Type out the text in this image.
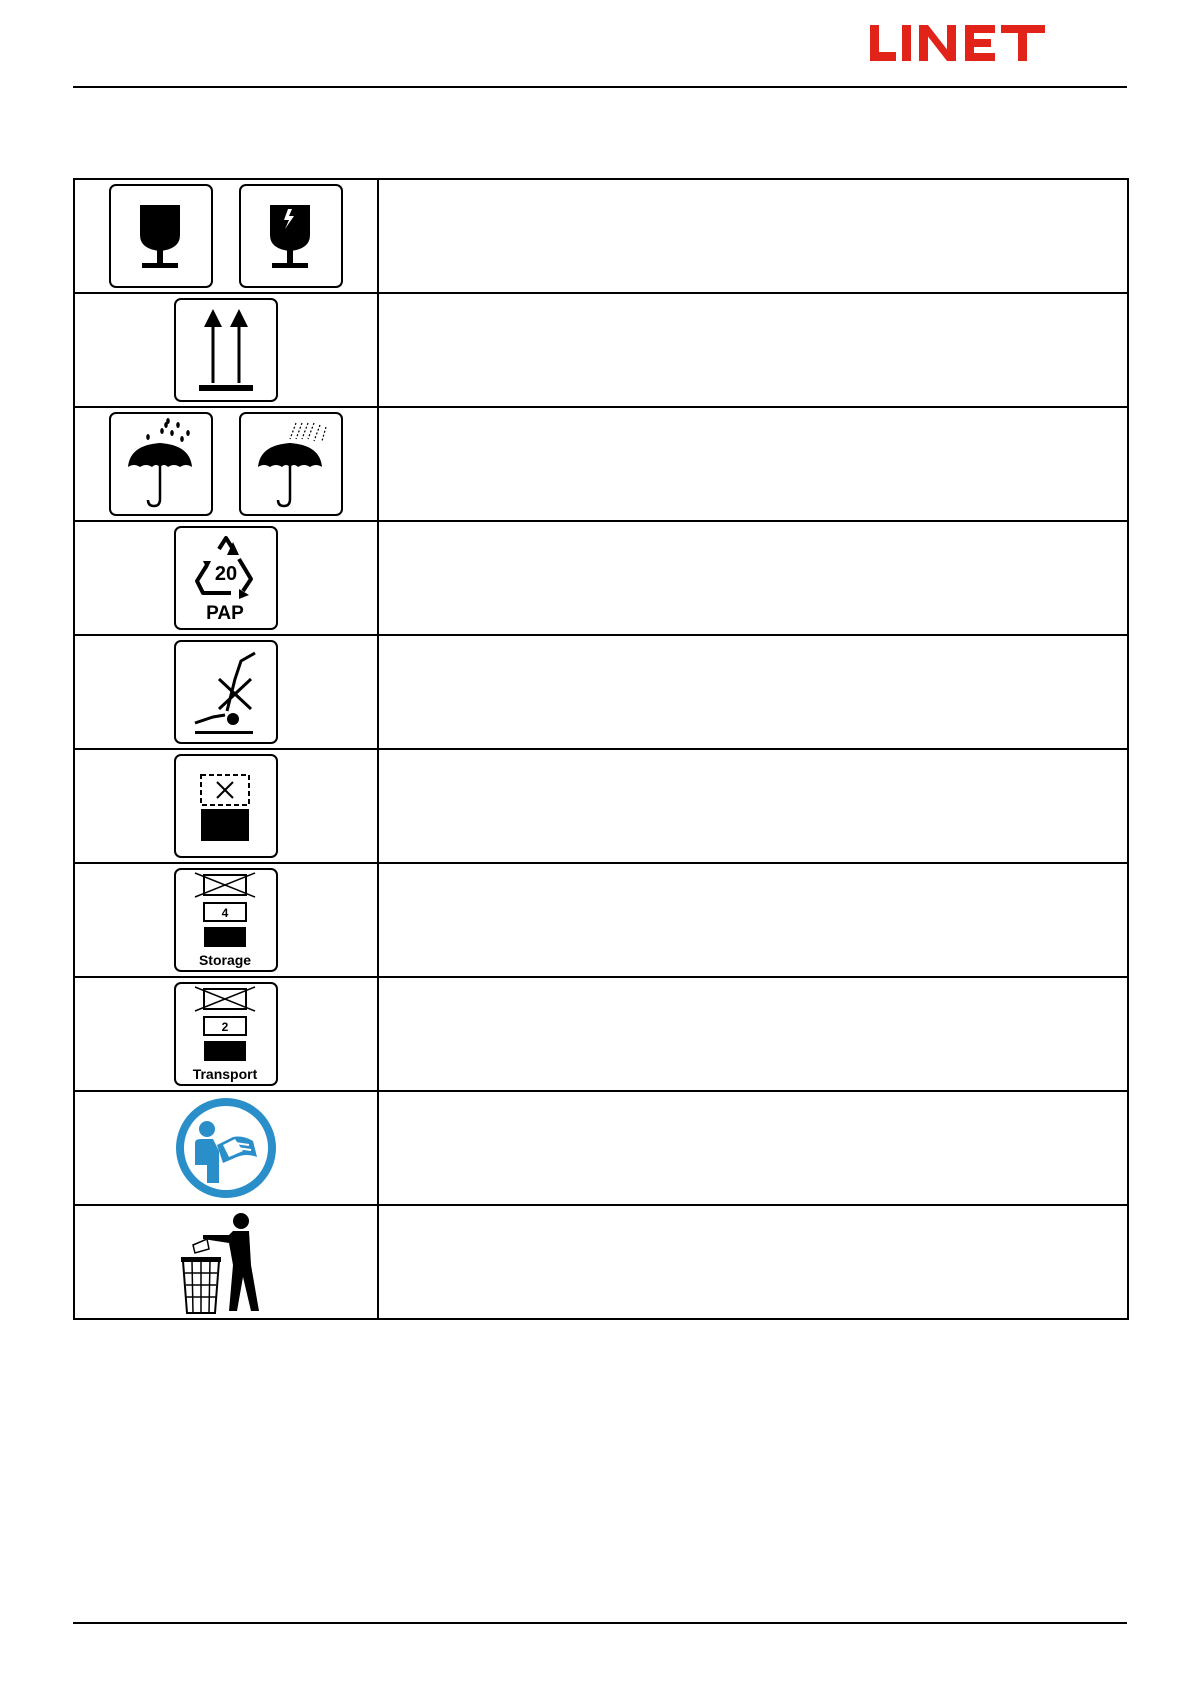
20
PAP	

4
Storage	

2
Transport	
